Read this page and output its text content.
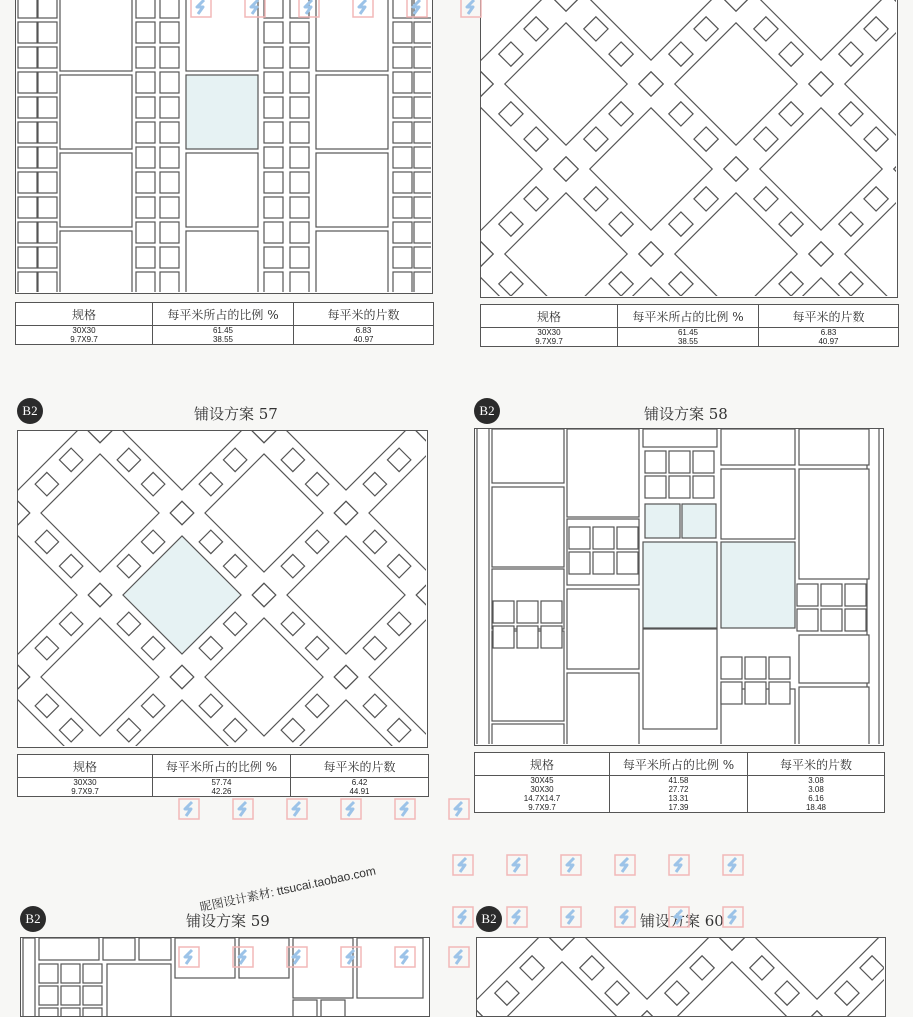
规格	每平米所占的比例 %	每平米的片数
30X30	61.45	6.83
9.7X9.7	38.55	40.97
规格	每平米所占的比例 %	每平米的片数
30X30	61.45	6.83
9.7X9.7	38.55	40.97
B2	铺设方案 57
规格	每平米所占的比例 %	每平米的片数
30X30	57.74	6.42
9.7X9.7	42.26	44.91
B2	铺设方案 58
规格	每平米所占的比例 %	每平米的片数
30X45	41.58	3.08
30X30	27.72	3.08
14.7X14.7	13.31	6.16
9.7X9.7	17.39	18.48
B2	铺设方案 59	B2	铺设方案 60
昵图设计素材: ttsucai.taobao.com
